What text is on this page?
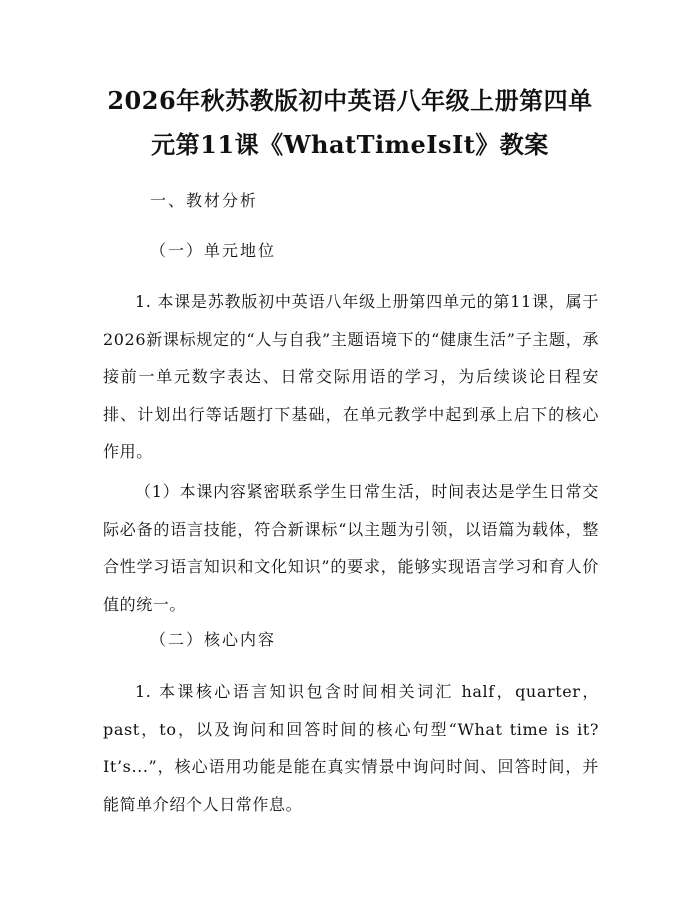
2026年秋苏教版初中英语八年级上册第四单
元第11课《WhatTimeIsIt》教案
一、教材分析
（一）单元地位

1. 本课是苏教版初中英语八年级上册第四单元的第11课，属于2026新课标规定的“人与自我”主题语境下的“健康生活”子主题，承接前一单元数字表达、日常交际用语的学习，为后续谈论日程安排、计划出行等话题打下基础，在单元教学中起到承上启下的核心作用。

（1）本课内容紧密联系学生日常生活，时间表达是学生日常交际必备的语言技能，符合新课标“以主题为引领，以语篇为载体，整合性学习语言知识和文化知识”的要求，能够实现语言学习和育人价值的统一。

（二）核心内容

1. 本课核心语言知识包含时间相关词汇 half，quarter，past，to，以及询问和回答时间的核心句型“What time is it? It’s...”，核心语用功能是能在真实情景中询问时间、回答时间，并能简单介绍个人日常作息。
